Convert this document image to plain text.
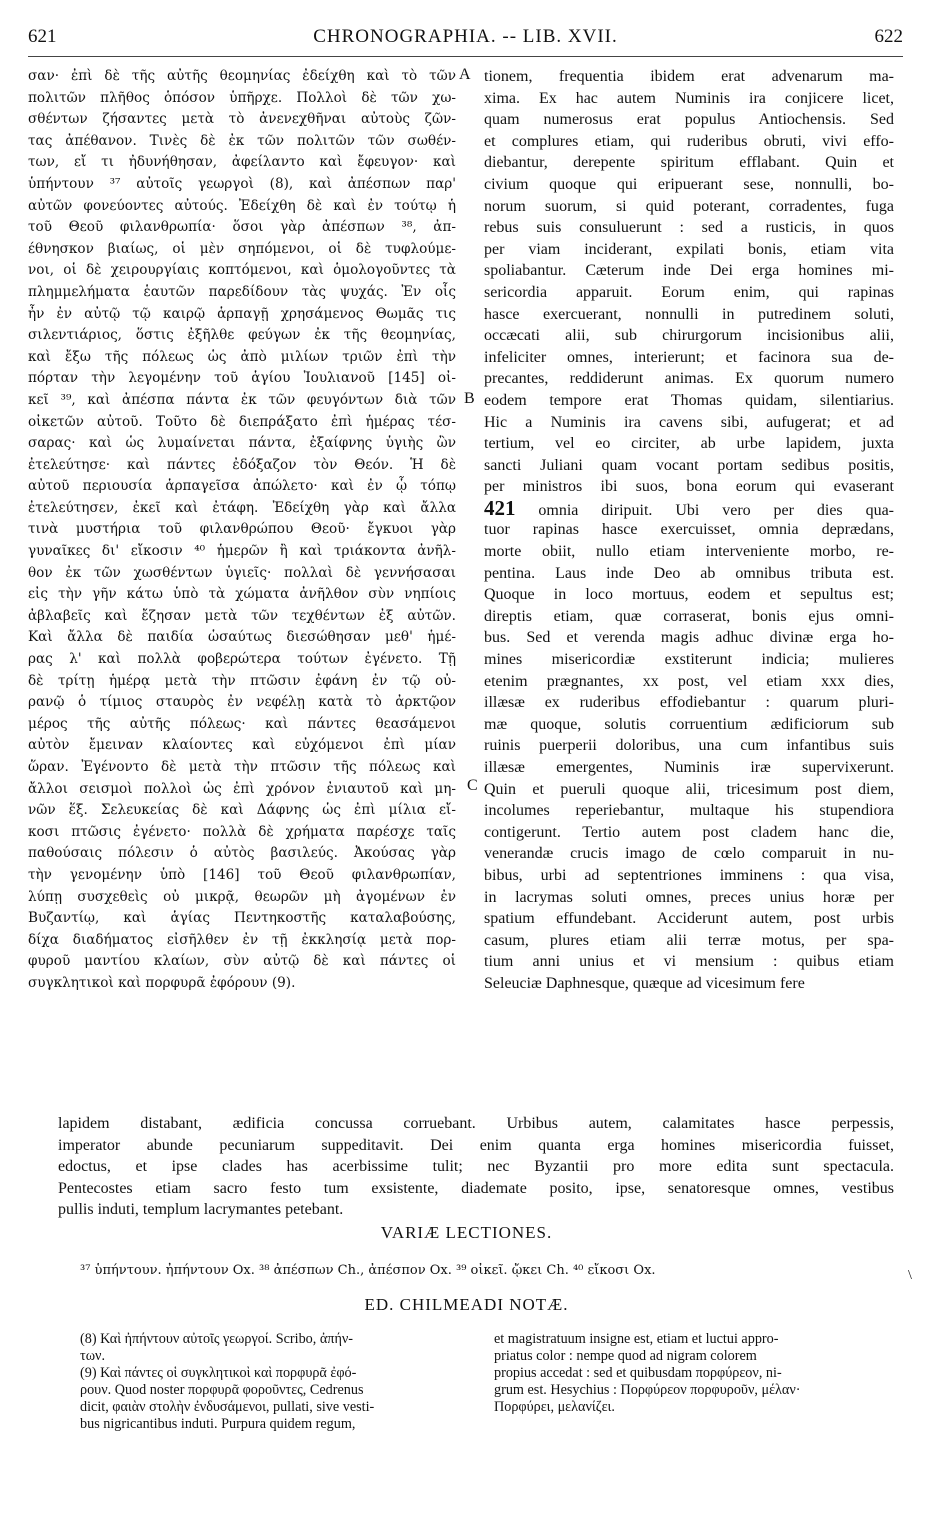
621	CHRONOGRAPHIA. -- LIB. XVII.	622
σαν· ἐπὶ δὲ τῆς αὐτῆς θεομηνίας ἐδείχθη καὶ τὸ τῶν
πολιτῶν πλῆθος ὁπόσον ὑπῆρχε. Πολλοὶ δὲ τῶν χω-
σθέντων ζήσαντες μετὰ τὸ ἀνενεχθῆναι αὐτοὺς ζῶν-
τας ἀπέθανον. Τινὲς δὲ ἐκ τῶν πολιτῶν τῶν σωθέν-
των, εἴ τι ἠδυνήθησαν, ἀφείλαντο καὶ ἔφευγον· καὶ
ὑπήντουν ³⁷ αὐτοῖς γεωργοὶ (8), καὶ ἀπέσπων παρ'
αὐτῶν φονεύοντες αὐτούς. Ἐδείχθη δὲ καὶ ἐν τούτῳ ἡ
τοῦ Θεοῦ φιλανθρωπία· ὅσοι γὰρ ἀπέσπων ³⁸, ἀπ-
έθνησκον βιαίως, οἱ μὲν σηπόμενοι, οἱ δὲ τυφλούμε-
νοι, οἱ δὲ χειρουργίαις κοπτόμενοι, καὶ ὁμολογοῦντες τὰ
πλημμελήματα ἑαυτῶν παρεδίδουν τὰς ψυχάς. Ἐν οἷς
ἦν ἐν αὐτῷ τῷ καιρῷ ἁρπαγῇ χρησάμενος Θωμᾶς τις
σιλεντιάριος, ὅστις ἐξῆλθε φεύγων ἐκ τῆς θεομηνίας,
καὶ ἔξω τῆς πόλεως ὡς ἀπὸ μιλίων τριῶν ἐπὶ τὴν
πόρταν τὴν λεγομένην τοῦ ἁγίου Ἰουλιανοῦ [145] οἰ-
κεῖ ³⁹, καὶ ἀπέσπα πάντα ἐκ τῶν φευγόντων διὰ τῶν
οἰκετῶν αὐτοῦ. Τοῦτο δὲ διεπράξατο ἐπὶ ἡμέρας τέσ-
σαρας· καὶ ὡς λυμαίνεται πάντα, ἐξαίφνης ὑγιὴς ὢν
ἐτελεύτησε· καὶ πάντες ἐδόξαζον τὸν Θεόν. Ἡ δὲ
αὐτοῦ περιουσία ἁρπαγεῖσα ἀπώλετο· καὶ ἐν ᾧ τόπῳ
ἐτελεύτησεν, ἐκεῖ καὶ ἐτάφη. Ἐδείχθη γὰρ καὶ ἄλλα
τινὰ μυστήρια τοῦ φιλανθρώπου Θεοῦ· ἔγκυοι γὰρ
γυναῖκες δι' εἴκοσιν ⁴⁰ ἡμερῶν ἢ καὶ τριάκοντα ἀνῆλ-
θον ἐκ τῶν χωσθέντων ὑγιεῖς· πολλαὶ δὲ γεννήσασαι
εἰς τὴν γῆν κάτω ὑπὸ τὰ χώματα ἀνῆλθον σὺν νηπίοις
ἀβλαβεῖς καὶ ἔζησαν μετὰ τῶν τεχθέντων ἐξ αὐτῶν.
Καὶ ἄλλα δὲ παιδία ὡσαύτως διεσώθησαν μεθ' ἡμέ-
ρας λ' καὶ πολλὰ φοβερώτερα τούτων ἐγένετο. Τῇ
δὲ τρίτῃ ἡμέρᾳ μετὰ τὴν πτῶσιν ἐφάνη ἐν τῷ οὐ-
ρανῷ ὁ τίμιος σταυρὸς ἐν νεφέλῃ κατὰ τὸ ἀρκτῷον
μέρος τῆς αὐτῆς πόλεως· καὶ πάντες θεασάμενοι
αὐτὸν ἔμειναν κλαίοντες καὶ εὐχόμενοι ἐπὶ μίαν
ὥραν. Ἐγένοντο δὲ μετὰ τὴν πτῶσιν τῆς πόλεως καὶ
ἄλλοι σεισμοὶ πολλοὶ ὡς ἐπὶ χρόνον ἐνιαυτοῦ καὶ μη-
νῶν ἕξ. Σελευκείας δὲ καὶ Δάφνης ὡς ἐπὶ μίλια εἴ-
κοσι πτῶσις ἐγένετο· πολλὰ δὲ χρήματα παρέσχε ταῖς
παθούσαις πόλεσιν ὁ αὐτὸς βασιλεύς. Ἀκούσας γὰρ
τὴν γενομένην ὑπὸ [146] τοῦ Θεοῦ φιλανθρωπίαν,
λύπῃ συσχεθεὶς οὐ μικρᾷ, θεωρῶν μὴ ἀγομένων ἐν
Βυζαντίῳ, καὶ ἁγίας Πεντηκοστῆς καταλαβούσης,
δίχα διαδήματος εἰσῆλθεν ἐν τῇ ἐκκλησίᾳ μετὰ πορ-
φυροῦ μαντίου κλαίων, σὺν αὐτῷ δὲ καὶ πάντες οἱ
συγκλητικοὶ καὶ πορφυρᾶ ἐφόρουν (9).
tionem, frequentia ibidem erat advenarum ma-
xima. Ex hac autem Numinis ira conjicere licet,
quam numerosus erat populus Antiochensis. Sed
et complures etiam, qui ruderibus obruti, vivi effo-
diebantur, derepente spiritum efflabant. Quin et
civium quoque qui eripuerant sese, nonnulli, bo-
norum suorum, si quid poterant, corradentes, fuga
rebus suis consuluerunt : sed a rusticis, in quos
per viam inciderant, expilati bonis, etiam vita
spoliabantur. Cæterum inde Dei erga homines mi-
sericordia apparuit. Eorum enim, qui rapinas
hasce exercuerant, nonnulli in putredinem soluti,
occæcati alii, sub chirurgorum incisionibus alii,
infeliciter omnes, interierunt; et facinora sua de-
precantes, reddiderunt animas. Ex quorum numero
eodem tempore erat Thomas quidam, silentiarius.
Hic a Numinis ira cavens sibi, aufugerat; et ad
tertium, vel eo circiter, ab urbe lapidem, juxta
sancti Juliani quam vocant portam sedibus positis,
per ministros ibi suos, bona eorum qui evaserant
421 omnia diripuit. Ubi vero per dies qua-
tuor rapinas hasce exercuisset, omnia deprædans,
morte obiit, nullo etiam interveniente morbo, re-
pentina. Laus inde Deo ab omnibus tributa est.
Quoque in loco mortuus, eodem et sepultus est;
direptis etiam, quæ corraserat, bonis ejus omni-
bus. Sed et verenda magis adhuc divinæ erga ho-
mines misericordiæ exstiterunt indicia; mulieres
etenim prægnantes, xx post, vel etiam xxx dies,
illæsæ ex ruderibus effodiebantur : quarum pluri-
mæ quoque, solutis corruentium ædificiorum sub
ruinis puerperii doloribus, una cum infantibus suis
illæsæ emergentes, Numinis iræ supervixerunt.
Quin et pueruli quoque alii, tricesimum post diem,
incolumes reperiebantur, multaque his stupendiora
contigerunt. Tertio autem post cladem hanc die,
venerandæ crucis imago de cœlo comparuit in nu-
bibus, urbi ad septentriones imminens : qua visa,
in lacrymas soluti omnes, preces unius horæ per
spatium effundebant. Acciderunt autem, post urbis
casum, plures etiam alii terræ motus, per spa-
tium anni unius et vi mensium : quibus etiam
Seleuciæ Daphnesque, quæque ad vicesimum fere
A
B
C
lapidem distabant, ædificia concussa corruebant. Urbibus autem, calamitates hasce perpessis,
imperator abunde pecuniarum suppeditavit. Dei enim quanta erga homines misericordia fuisset,
edoctus, et ipse clades has acerbissime tulit; nec Byzantii pro more edita sunt spectacula.
Pentecostes etiam sacro festo tum exsistente, diademate posito, ipse, senatoresque omnes, vestibus
pullis induti, templum lacrymantes petebant.
VARIÆ LECTIONES.
³⁷ ὑπήντουν. ἠπήντουν Ox. ³⁸ ἀπέσπων Ch., ἀπέσπον Ox. ³⁹ οἰκεῖ. ᾤκει Ch. ⁴⁰ εἴκοσι Ox.
ED. CHILMEADI NOTÆ.
(8) Καὶ ἠπήντουν αὐτοῖς γεωργοί. Scribo, ἀπήν-
των.
(9) Καὶ πάντες οἱ συγκλητικοὶ καὶ πορφυρᾶ ἐφό-
ρουν. Quod noster πορφυρᾶ φοροῦντες, Cedrenus
dicit, φαιὰν στολὴν ἐνδυσάμενοι, pullati, sive vesti-
bus nigricantibus induti. Purpura quidem regum,
et magistratuum insigne est, etiam et luctui appro-
priatus color : nempe quod ad nigram colorem
propius accedat : sed et quibusdam πορφύρεον, ni-
grum est. Hesychius : Πορφύρεον πορφυροῦν, μέλαν·
Πορφύρει, μελανίζει.
\
